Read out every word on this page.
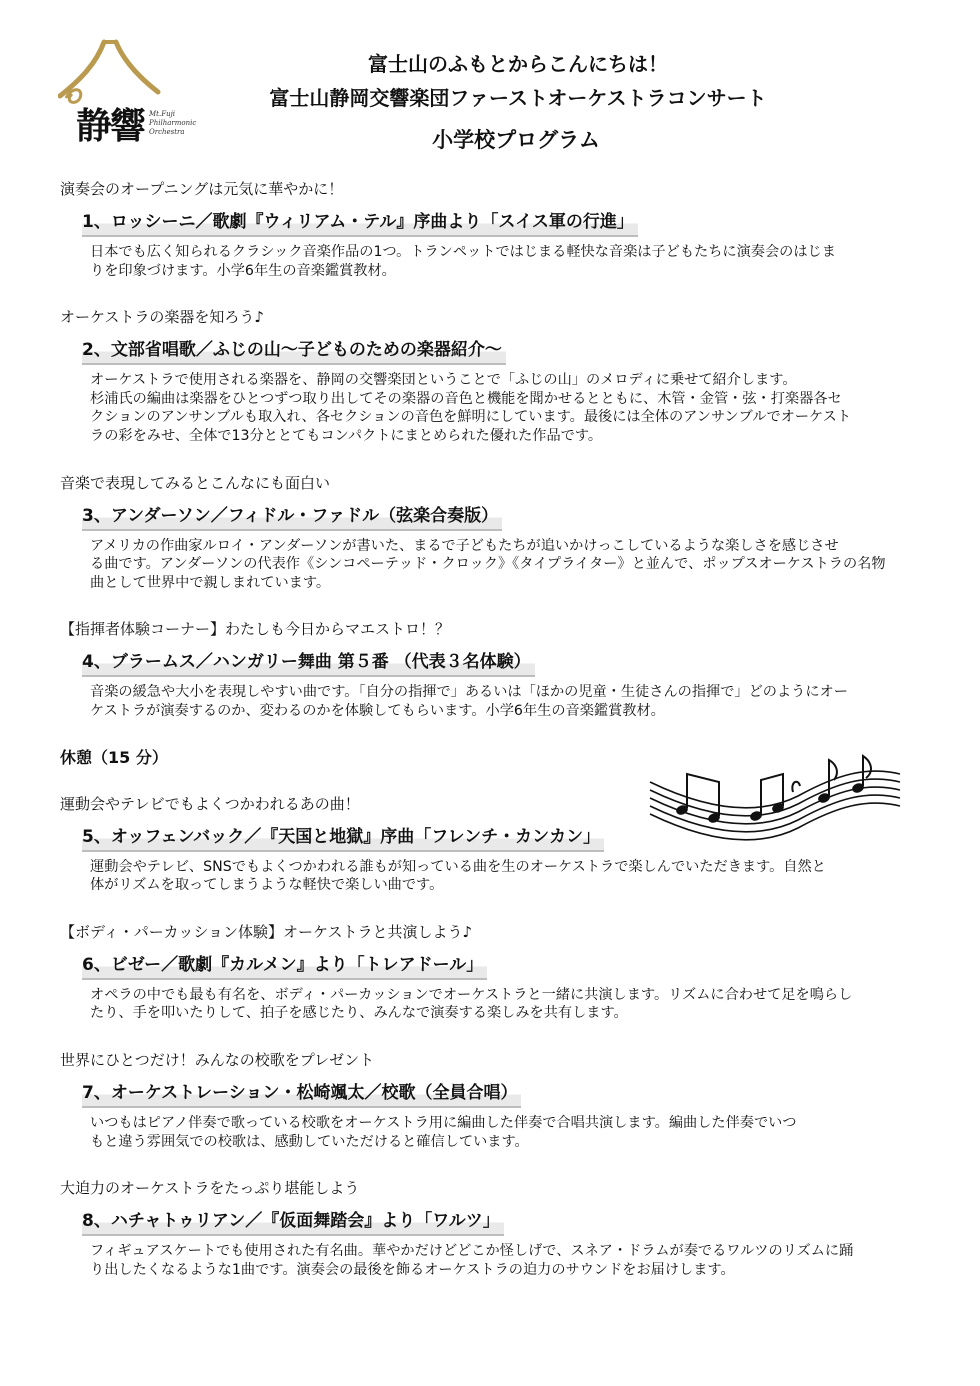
静響 Mt.Fuji
Philharmonic
Orchestra
富士山のふもとからこんにちは！
富士山静岡交響楽団ファーストオーケストラコンサート
小学校プログラム
演奏会のオープニングは元気に華やかに！
1、ロッシーニ／歌劇『ウィリアム・テル』序曲より「スイス軍の行進」
日本でも広く知られるクラシック音楽作品の1つ。トランペットではじまる軽快な音楽は子どもたちに演奏会のはじま
りを印象づけます。小学6年生の音楽鑑賞教材。
オーケストラの楽器を知ろう♪
2、文部省唱歌／ふじの山～子どものための楽器紹介～
オーケストラで使用される楽器を、静岡の交響楽団ということで「ふじの山」のメロディに乗せて紹介します。
杉浦氏の編曲は楽器をひとつずつ取り出してその楽器の音色と機能を聞かせるとともに、木管・金管・弦・打楽器各セ
クションのアンサンブルも取入れ、各セクションの音色を鮮明にしています。最後には全体のアンサンブルでオーケスト
ラの彩をみせ、全体で13分ととてもコンパクトにまとめられた優れた作品です。
音楽で表現してみるとこんなにも面白い
3、アンダーソン／フィドル・ファドル（弦楽合奏版）
アメリカの作曲家ルロイ・アンダーソンが書いた、まるで子どもたちが追いかけっこしているような楽しさを感じさせ
る曲です。アンダーソンの代表作《シンコペーテッド・クロック》《タイプライター》と並んで、ポップスオーケストラの名物
曲として世界中で親しまれています。
【指揮者体験コーナー】わたしも今日からマエストロ！？
4、ブラームス／ハンガリー舞曲 第５番 （代表３名体験）
音楽の緩急や大小を表現しやすい曲です。「自分の指揮で」あるいは「ほかの児童・生徒さんの指揮で」どのようにオー
ケストラが演奏するのか、変わるのかを体験してもらいます。小学6年生の音楽鑑賞教材。
休憩（15 分）
運動会やテレビでもよくつかわれるあの曲！
5、オッフェンバック／『天国と地獄』序曲「フレンチ・カンカン」
運動会やテレビ、SNSでもよくつかわれる誰もが知っている曲を生のオーケストラで楽しんでいただきます。自然と
体がリズムを取ってしまうような軽快で楽しい曲です。
【ボディ・パーカッション体験】オーケストラと共演しよう♪
6、ビゼー／歌劇『カルメン』より「トレアドール」
オペラの中でも最も有名を、ボディ・パーカッションでオーケストラと一緒に共演します。リズムに合わせて足を鳴らし
たり、手を叩いたりして、拍子を感じたり、みんなで演奏する楽しみを共有します。
世界にひとつだけ！みんなの校歌をプレゼント
7、オーケストレーション・松崎颯太／校歌（全員合唱）
いつもはピアノ伴奏で歌っている校歌をオーケストラ用に編曲した伴奏で合唱共演します。編曲した伴奏でいつ
もと違う雰囲気での校歌は、感動していただけると確信しています。
大迫力のオーケストラをたっぷり堪能しよう
8、ハチャトゥリアン／『仮面舞踏会』より「ワルツ」
フィギュアスケートでも使用された有名曲。華やかだけどどこか怪しげで、スネア・ドラムが奏でるワルツのリズムに踊
り出したくなるような1曲です。演奏会の最後を飾るオーケストラの迫力のサウンドをお届けします。
